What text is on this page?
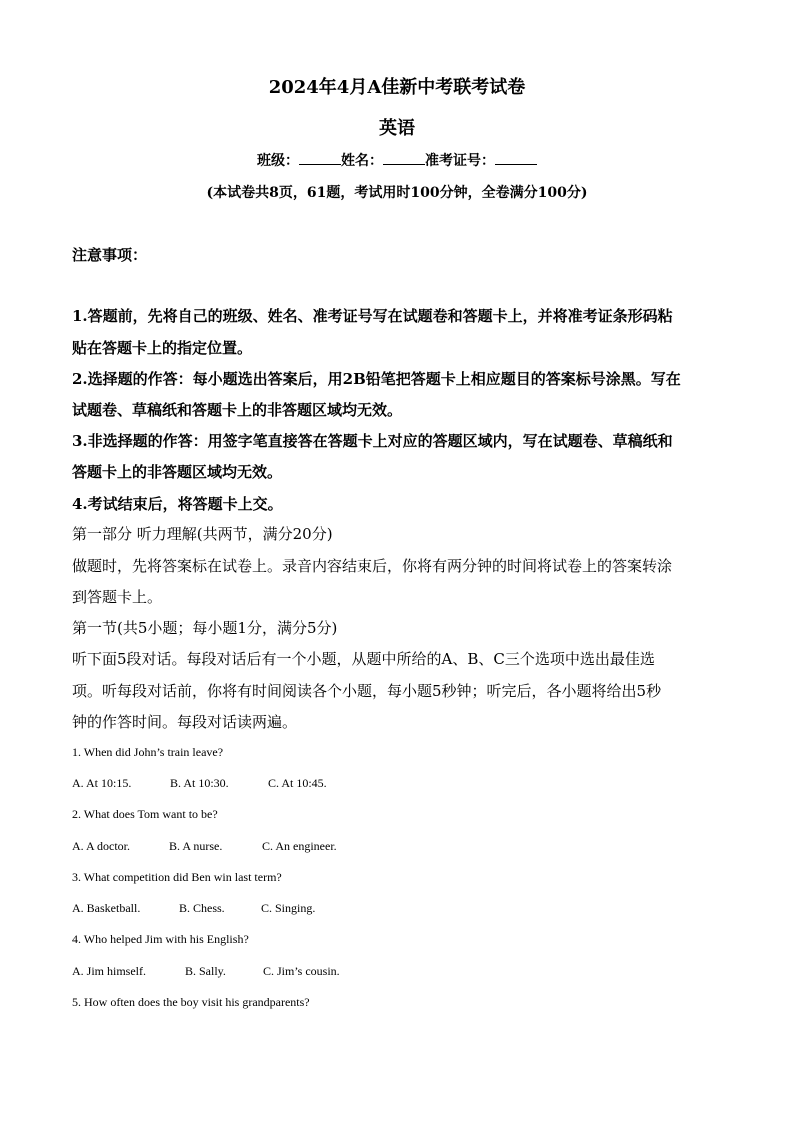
2024年4月A佳新中考联考试卷
英语
班级：	姓名：	准考证号：
(本试卷共8页，61题，考试用时100分钟，全卷满分100分)
注意事项：
1.答题前，先将自己的班级、姓名、准考证号写在试题卷和答题卡上，并将准考证条形码粘
贴在答题卡上的指定位置。
2.选择题的作答：每小题选出答案后，用2B铅笔把答题卡上相应题目的答案标号涂黑。写在
试题卷、草稿纸和答题卡上的非答题区域均无效。
3.非选择题的作答：用签字笔直接答在答题卡上对应的答题区域内，写在试题卷、草稿纸和
答题卡上的非答题区域均无效。
4.考试结束后，将答题卡上交。
第一部分 听力理解(共两节，满分20分)
做题时，先将答案标在试卷上。录音内容结束后，你将有两分钟的时间将试卷上的答案转涂
到答题卡上。
第一节(共5小题；每小题1分，满分5分)
听下面5段对话。每段对话后有一个小题，从题中所给的A、B、C三个选项中选出最佳选
项。听每段对话前，你将有时间阅读各个小题，每小题5秒钟；听完后，各小题将给出5秒
钟的作答时间。每段对话读两遍。
1. When did John’s train leave?
A. At 10:15.	B. At 10:30.	C. At 10:45.
2. What does Tom want to be?
A. A doctor.	B. A nurse.	C. An engineer.
3. What competition did Ben win last term?
A. Basketball.	B. Chess.	C. Singing.
4. Who helped Jim with his English?
A. Jim himself.	B. Sally.	C. Jim’s cousin.
5. How often does the boy visit his grandparents?
